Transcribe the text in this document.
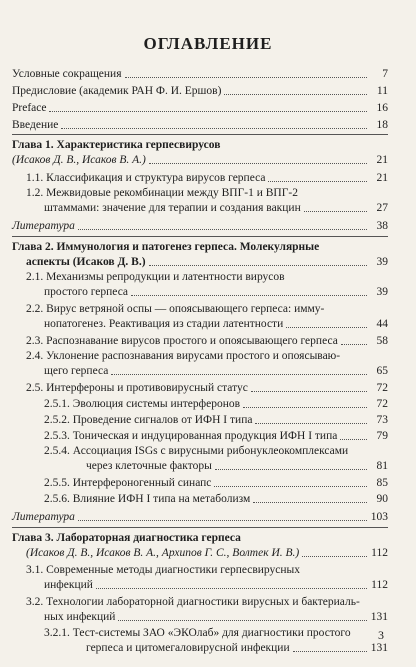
ОГЛАВЛЕНИЕ
Условные сокращения	7
Предисловие (академик РАН Ф. И. Ершов)	11
Preface	16
Введение	18
Глава 1. Характеристика герпесвирусов
(Исаков Д. В., Исаков В. А.)	21
1.1. Классификация и структура вирусов герпеса	21
1.2. Межвидовые рекомбинации между ВПГ-1 и ВПГ-2
штаммами: значение для терапии и создания вакцин	27
Литература	38
Глава 2. Иммунология и патогенез герпеса. Молекулярные
аспекты (Исаков Д. В.)	39
2.1. Механизмы репродукции и латентности вирусов
простого герпеса	39
2.2. Вирус ветряной оспы — опоясывающего герпеса: имму-
нопатогенез. Реактивация из стадии латентности	44
2.3. Распознавание вирусов простого и опоясывающего герпеса	58
2.4. Уклонение распознавания вирусами простого и опоясываю-
щего герпеса	65
2.5. Интерфероны и противовирусный статус	72
2.5.1. Эволюция системы интерферонов	72
2.5.2. Проведение сигналов от ИФН I типа	73
2.5.3. Тоническая и индуцированная продукция ИФН I типа	79
2.5.4. Ассоциация ISGs с вирусными рибонуклеокомплексами
через клеточные факторы	81
2.5.5. Интерфероногенный синапс	85
2.5.6. Влияние ИФН I типа на метаболизм	90
Литература	103
Глава 3. Лабораторная диагностика герпеса
(Исаков Д. В., Исаков В. А., Архипов Г. С., Волтек И. В.)	112
3.1. Современные методы диагностики герпесвирусных
инфекций	112
3.2. Технологии лабораторной диагностики вирусных и бактериаль-
ных инфекций	131
3.2.1. Тест-системы ЗАО «ЭКОлаб» для диагностики простого
герпеса и цитомегаловирусной инфекции	131
3
